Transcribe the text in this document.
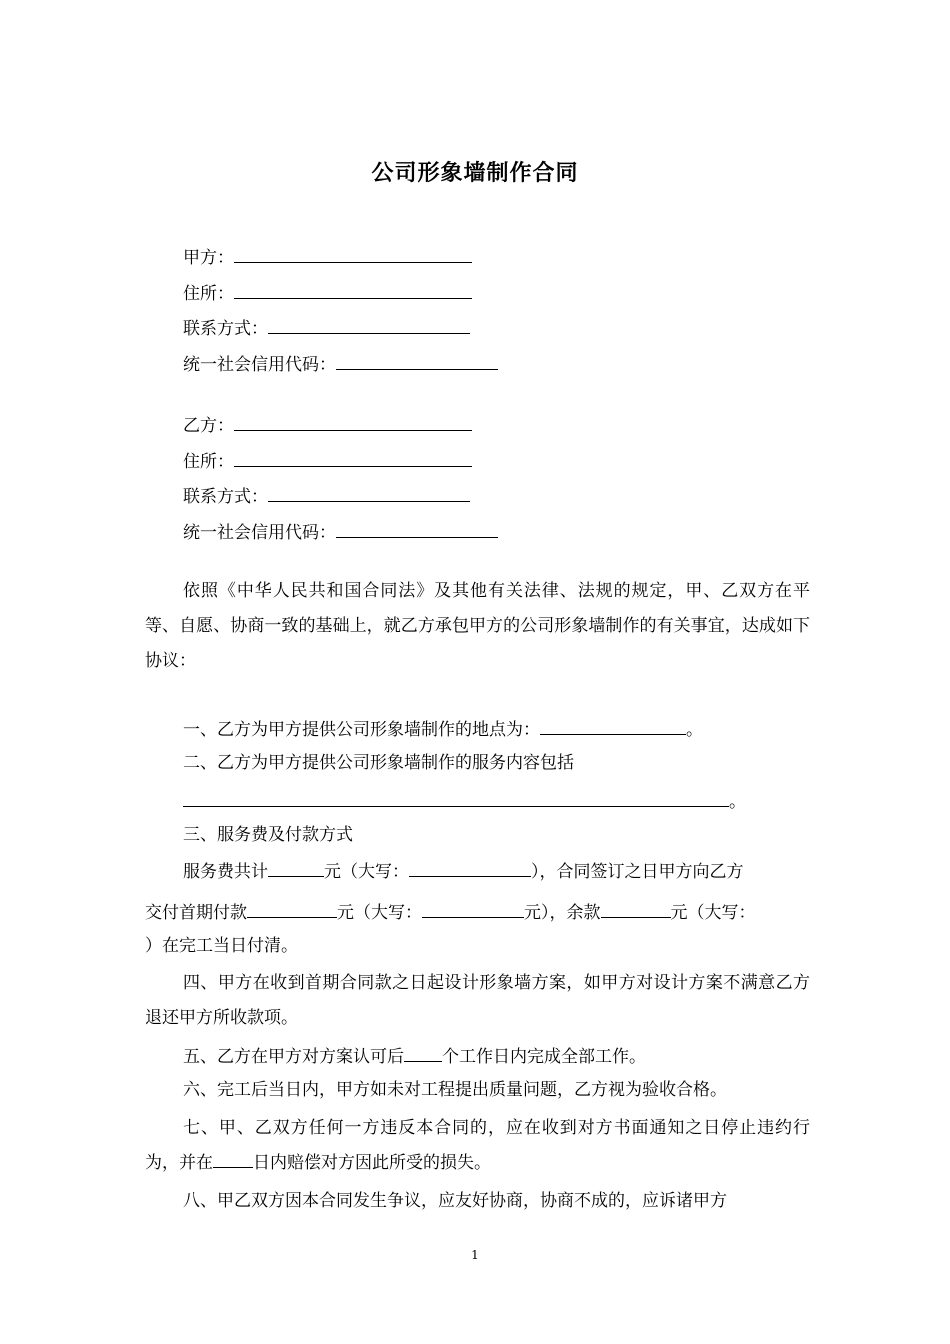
公司形象墙制作合同
甲方：
住所：
联系方式：
统一社会信用代码：
乙方：
住所：
联系方式：
统一社会信用代码：
依照《中华人民共和国合同法》及其他有关法律、法规的规定，甲、乙双方在平等、自愿、协商一致的基础上，就乙方承包甲方的公司形象墙制作的有关事宜，达成如下协议：
一、乙方为甲方提供公司形象墙制作的地点为：	。
二、乙方为甲方提供公司形象墙制作的服务内容包括
。
三、服务费及付款方式
服务费共计	元（大写：	），合同签订之日甲方向乙方
交付首期付款	元（大写：	元），余款	元（大写：
）在完工当日付清。
四、甲方在收到首期合同款之日起设计形象墙方案，如甲方对设计方案不满意乙方退还甲方所收款项。
五、乙方在甲方对方案认可后 个工作日内完成全部工作。
六、完工后当日内，甲方如未对工程提出质量问题，乙方视为验收合格。
七、甲、乙双方任何一方违反本合同的，应在收到对方书面通知之日停止违约行为，并在 日内赔偿对方因此所受的损失。
八、甲乙双方因本合同发生争议，应友好协商，协商不成的，应诉诸甲方
1
